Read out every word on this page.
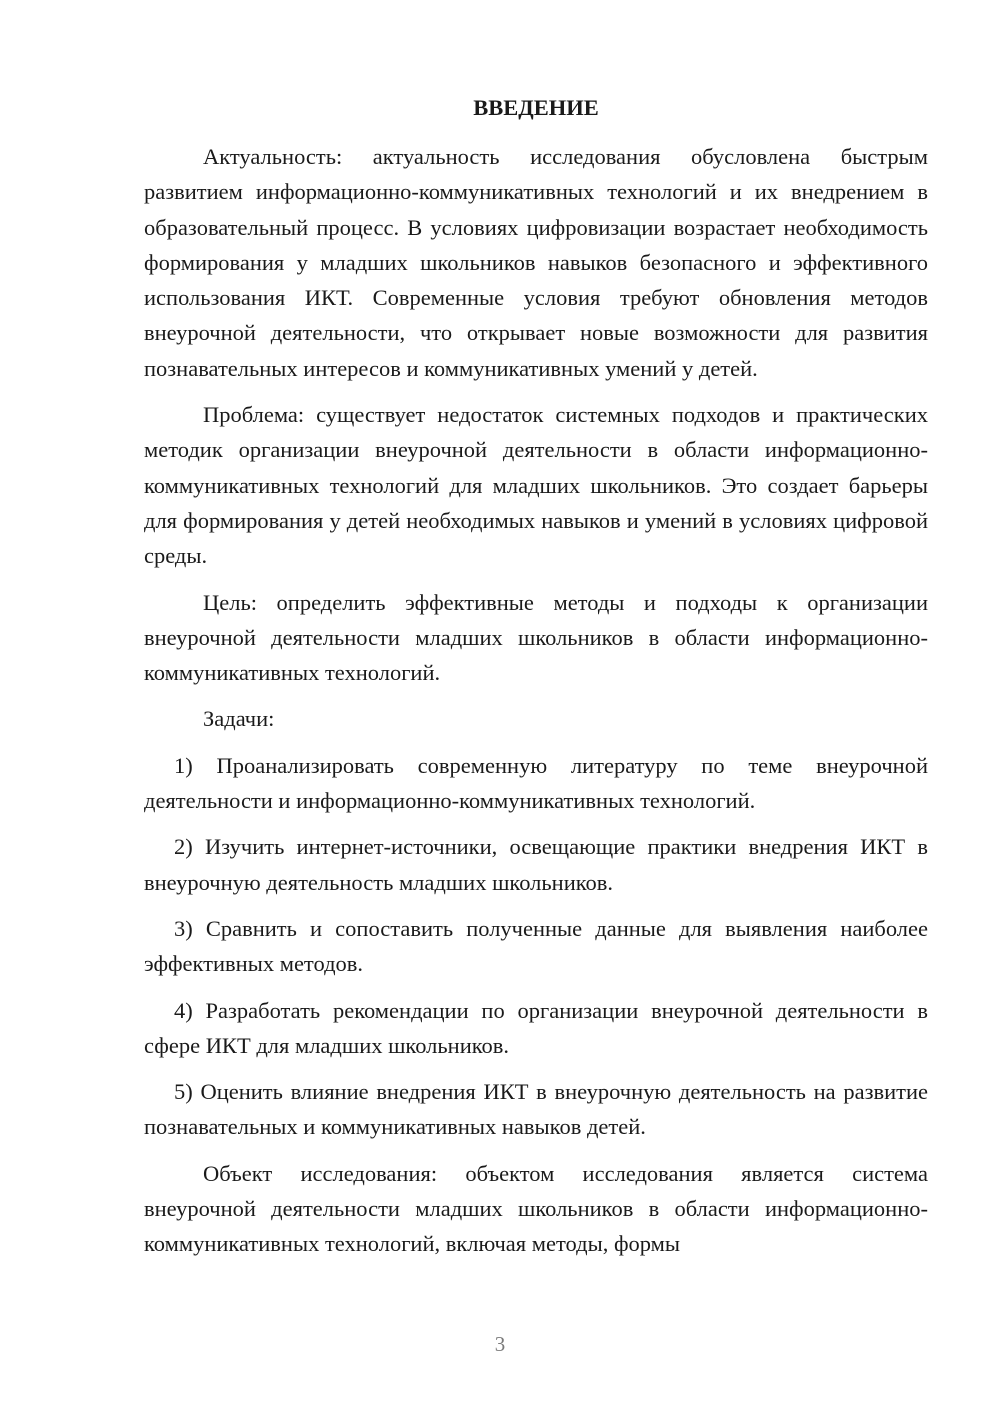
ВВЕДЕНИЕ

Актуальность: актуальность исследования обусловлена быстрым развитием информационно-коммуникативных технологий и их внедрением в образовательный процесс. В условиях цифровизации возрастает необходимость формирования у младших школьников навыков безопасного и эффективного использования ИКТ. Современные условия требуют обновления методов внеурочной деятельности, что открывает новые возможности для развития познавательных интересов и коммуникативных умений у детей.

Проблема: существует недостаток системных подходов и практических методик организации внеурочной деятельности в области информационно-коммуникативных технологий для младших школьников. Это создает барьеры для формирования у детей необходимых навыков и умений в условиях цифровой среды.

Цель: определить эффективные методы и подходы к организации внеурочной деятельности младших школьников в области информационно-коммуникативных технологий.

Задачи:

1) Проанализировать современную литературу по теме внеурочной деятельности и информационно-коммуникативных технологий.

2) Изучить интернет-источники, освещающие практики внедрения ИКТ в внеурочную деятельность младших школьников.

3) Сравнить и сопоставить полученные данные для выявления наиболее эффективных методов.

4) Разработать рекомендации по организации внеурочной деятельности в сфере ИКТ для младших школьников.

5) Оценить влияние внедрения ИКТ в внеурочную деятельность на развитие познавательных и коммуникативных навыков детей.

Объект исследования: объектом исследования является система внеурочной деятельности младших школьников в области информационно-коммуникативных технологий, включая методы, формы

3
